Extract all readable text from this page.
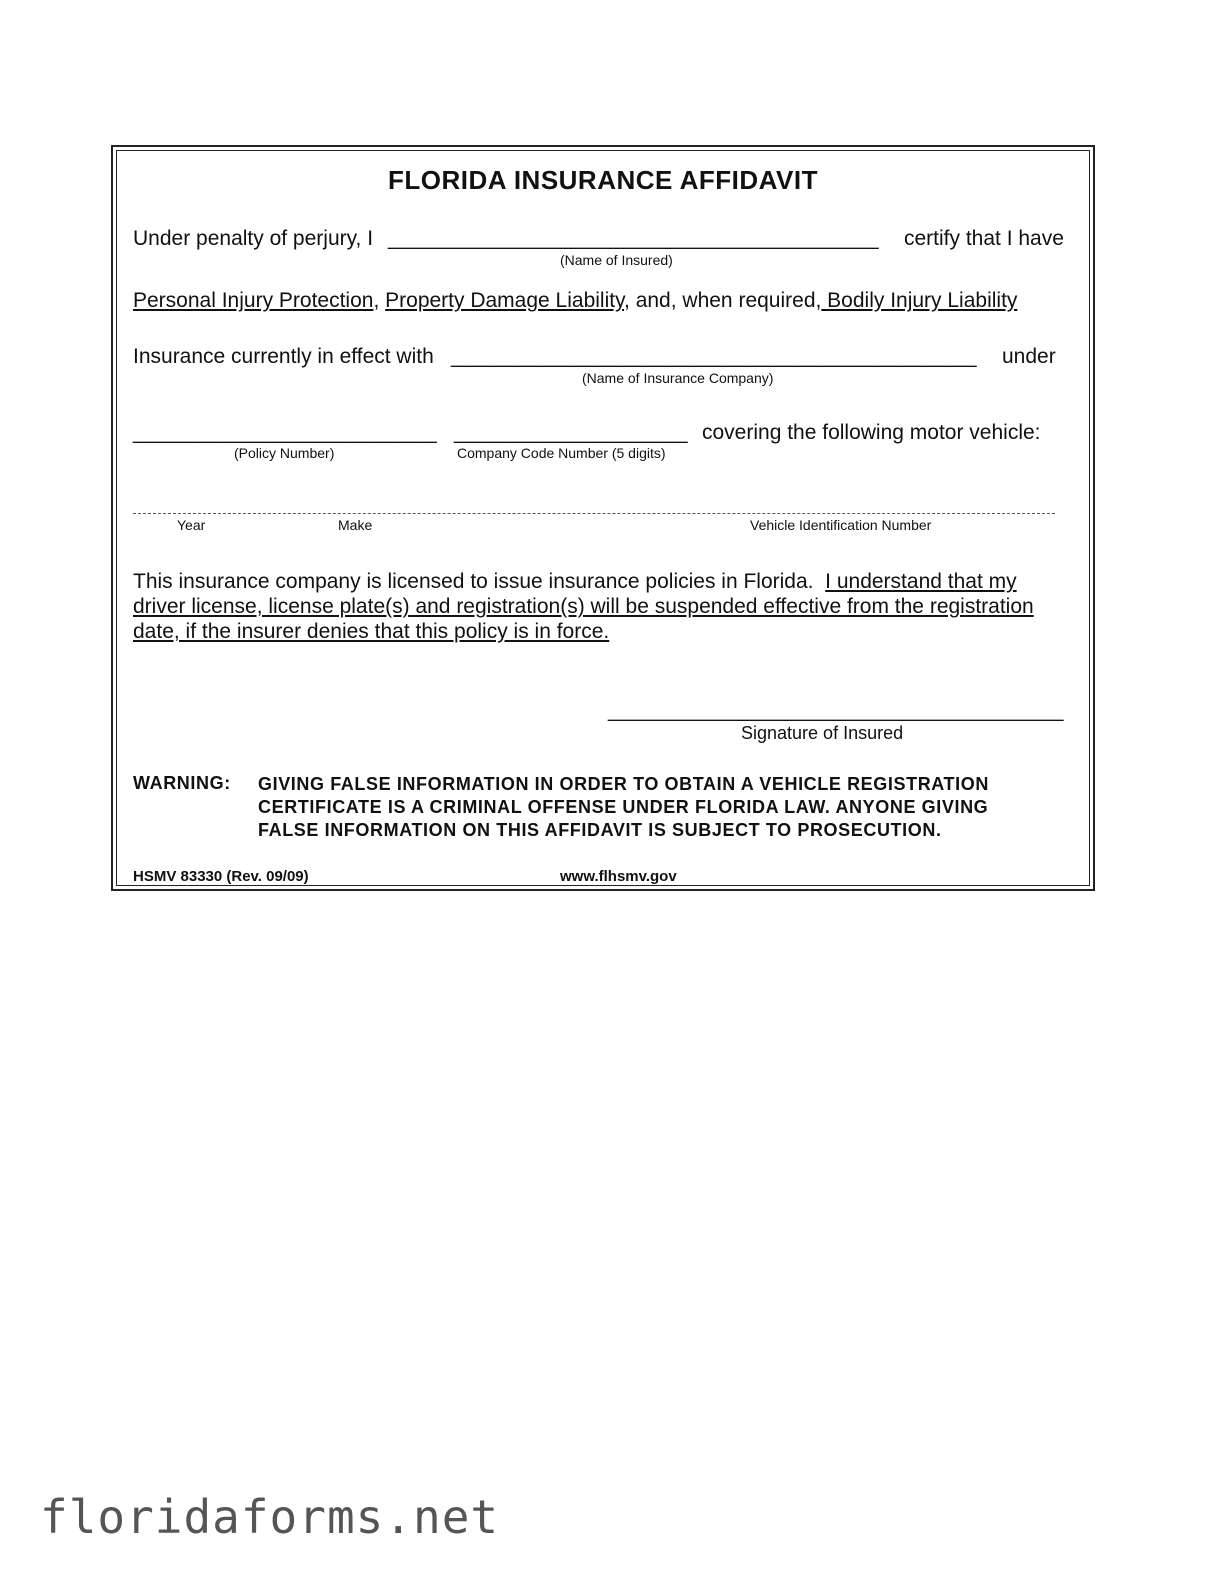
FLORIDA INSURANCE AFFIDAVIT
Under penalty of perjury, I __________________________________________ certify that I have
(Name of Insured)
Personal Injury Protection, Property Damage Liability, and, when required, Bodily Injury Liability
Insurance currently in effect with _____________________________________________ under
(Name of Insurance Company)
__________________________ ____________________ covering the following motor vehicle:
(Policy Number)	Company Code Number (5 digits)
Year	Make	Vehicle Identification Number
This insurance company is licensed to issue insurance policies in Florida.  I understand that my driver license, license plate(s) and registration(s) will be suspended effective from the registration date, if the insurer denies that this policy is in force.
_______________________________________
Signature of Insured
WARNING: GIVING FALSE INFORMATION IN ORDER TO OBTAIN A VEHICLE REGISTRATION CERTIFICATE IS A CRIMINAL OFFENSE UNDER FLORIDA LAW. ANYONE GIVING FALSE INFORMATION ON THIS AFFIDAVIT IS SUBJECT TO PROSECUTION.
HSMV 83330 (Rev. 09/09)	www.flhsmv.gov
floridaforms.net
